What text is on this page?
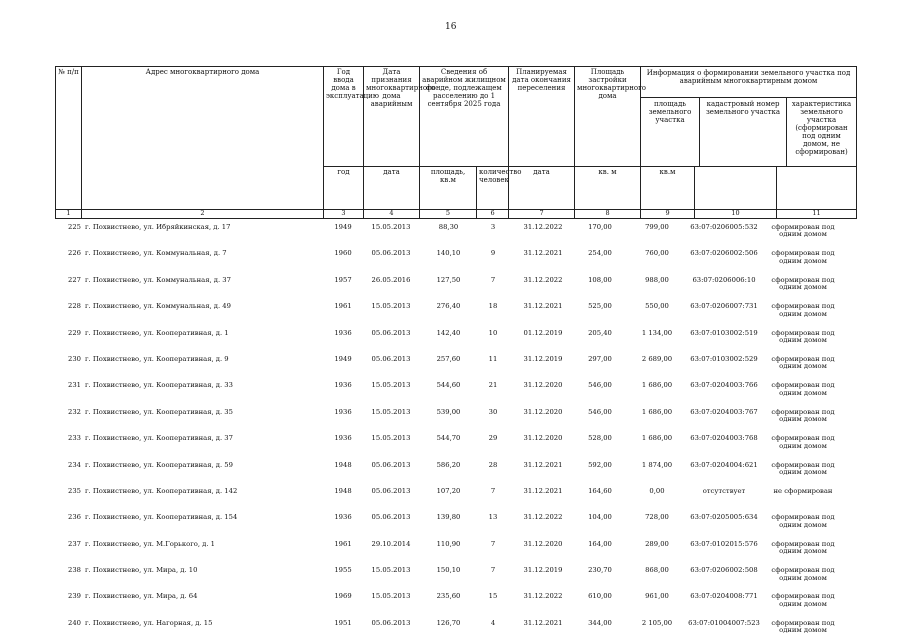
16
№ п/п	Адрес многоквартирного дома	Год ввода дома в эксплуатацию	Дата признания многоквартирного дома аварийным	Сведения об аварийном жилищном фонде, подлежащем расселению до 1 сентября 2025 года		Планируемая дата окончания переселения	Площадь застройки многоквартирного дома	Информация о формировании земельного участка под аварийным многоквартирным домом
площадь земельного участка
кадастровый номер земельного участка
характеристика земельного участка (сформирован под одним домом, не сформирован)		

		год	дата	площадь, кв.м	количество человек	дата	кв. м	кв.м		
1	2	3	4	5	6	7	8	9	10	11
225 г. Похвистнево, ул. Ибряйкинская, д. 17	1949	15.05.2013	88,30	3	31.12.2022	170,00	799,00	63:07:0206005:532	сформирован под одним домом
226 г. Похвистнево, ул. Коммунальная, д. 7	1960	05.06.2013	140,10	9	31.12.2021	254,00	760,00	63:07:0206002:506	сформирован под одним домом
227 г. Похвистнево, ул. Коммунальная, д. 37	1957	26.05.2016	127,50	7	31.12.2022	108,00	988,00	63:07:0206006:10	сформирован под одним домом
228 г. Похвистнево, ул. Коммунальная, д. 49	1961	15.05.2013	276,40	18	31.12.2021	525,00	550,00	63:07:0206007:731	сформирован под одним домом
229 г. Похвистнево, ул. Кооперативная, д. 1	1936	05.06.2013	142,40	10	01.12.2019	205,40	1 134,00	63:07:0103002:519	сформирован под одним домом
230 г. Похвистнево, ул. Кооперативная, д. 9	1949	05.06.2013	257,60	11	31.12.2019	297,00	2 689,00	63:07:0103002:529	сформирован под одним домом
231 г. Похвистнево, ул. Кооперативная, д. 33	1936	15.05.2013	544,60	21	31.12.2020	546,00	1 686,00	63:07:0204003:766	сформирован под одним домом
232 г. Похвистнево, ул. Кооперативная, д. 35	1936	15.05.2013	539,00	30	31.12.2020	546,00	1 686,00	63:07:0204003:767	сформирован под одним домом
233 г. Похвистнево, ул. Кооперативная, д. 37	1936	15.05.2013	544,70	29	31.12.2020	528,00	1 686,00	63:07:0204003:768	сформирован под одним домом
234 г. Похвистнево, ул. Кооперативная, д. 59	1948	05.06.2013	586,20	28	31.12.2021	592,00	1 874,00	63:07:0204004:621	сформирован под одним домом
235 г. Похвистнево, ул. Кооперативная, д. 142	1948	05.06.2013	107,20	7	31.12.2021	164,60	0,00	отсутствует	не сформирован
236 г. Похвистнево, ул. Кооперативная, д. 154	1936	05.06.2013	139,80	13	31.12.2022	104,00	728,00	63:07:0205005:634	сформирован под одним домом
237 г. Похвистнево, ул. М.Горького, д. 1	1961	29.10.2014	110,90	7	31.12.2020	164,00	289,00	63:07:0102015:576	сформирован под одним домом
238 г. Похвистнево, ул. Мира, д. 10	1955	15.05.2013	150,10	7	31.12.2019	230,70	868,00	63:07:0206002:508	сформирован под одним домом
239 г. Похвистнево, ул. Мира, д. 64	1969	15.05.2013	235,60	15	31.12.2022	610,00	961,00	63:07:0204008:771	сформирован под одним домом
240 г. Похвистнево, ул. Нагорная, д. 15	1951	05.06.2013	126,70	4	31.12.2021	344,00	2 105,00	63:07:01004007:523	сформирован под одним домом
